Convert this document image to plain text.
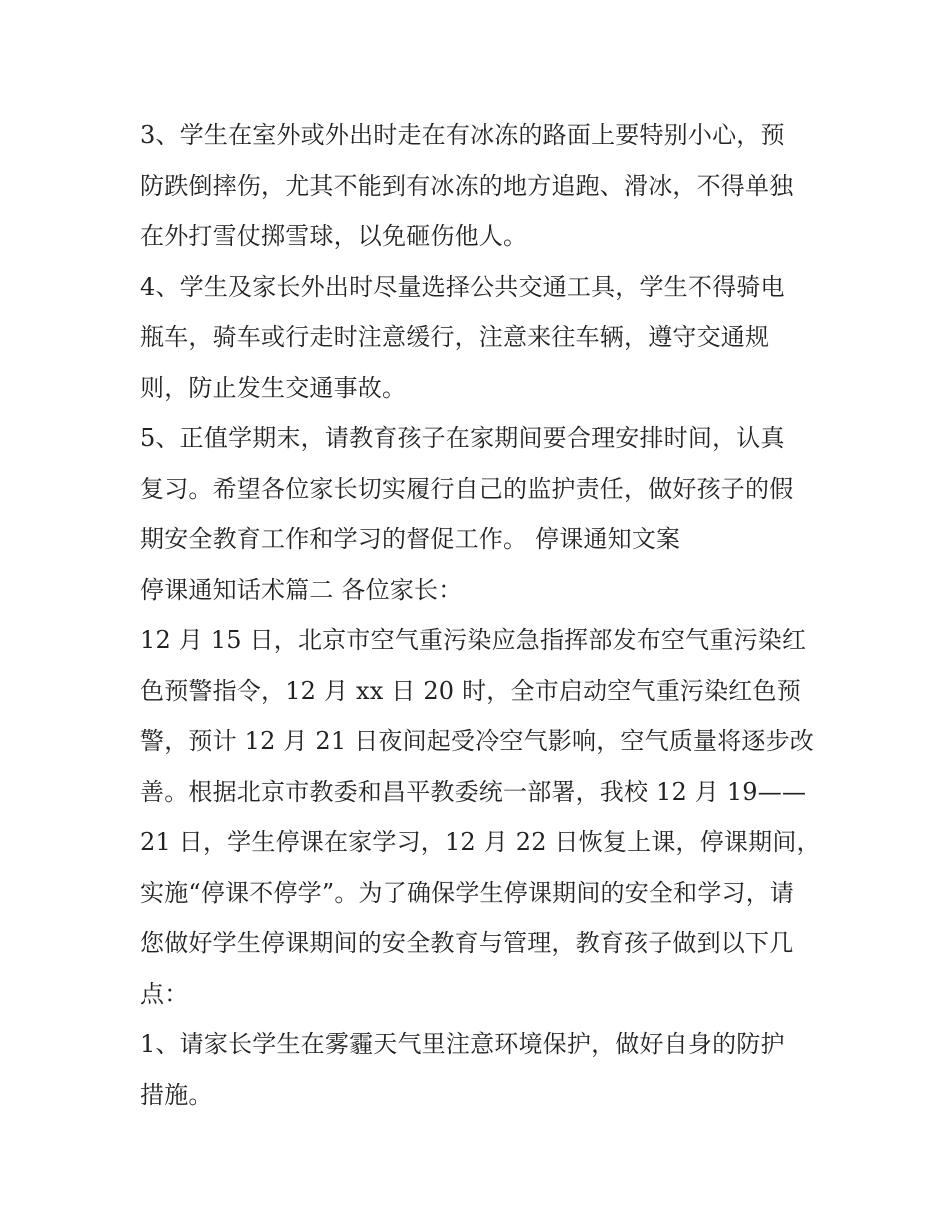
3、学生在室外或外出时走在有冰冻的路面上要特别小心，预
防跌倒摔伤，尤其不能到有冰冻的地方追跑、滑冰，不得单独
在外打雪仗掷雪球，以免砸伤他人。
4、学生及家长外出时尽量选择公共交通工具，学生不得骑电
瓶车，骑车或行走时注意缓行，注意来往车辆，遵守交通规
则，防止发生交通事故。
5、正值学期末，请教育孩子在家期间要合理安排时间，认真
复习。希望各位家长切实履行自己的监护责任，做好孩子的假
期安全教育工作和学习的督促工作。 停课通知文案
停课通知话术篇二 各位家长：
12 月 15 日，北京市空气重污染应急指挥部发布空气重污染红
色预警指令，12 月 xx 日 20 时，全市启动空气重污染红色预
警，预计 12 月 21 日夜间起受冷空气影响，空气质量将逐步改
善。根据北京市教委和昌平教委统一部署，我校 12 月 19——
21 日，学生停课在家学习，12 月 22 日恢复上课，停课期间，
实施“停课不停学”。为了确保学生停课期间的安全和学习，请
您做好学生停课期间的安全教育与管理，教育孩子做到以下几
点：
1、请家长学生在雾霾天气里注意环境保护，做好自身的防护
措施。
